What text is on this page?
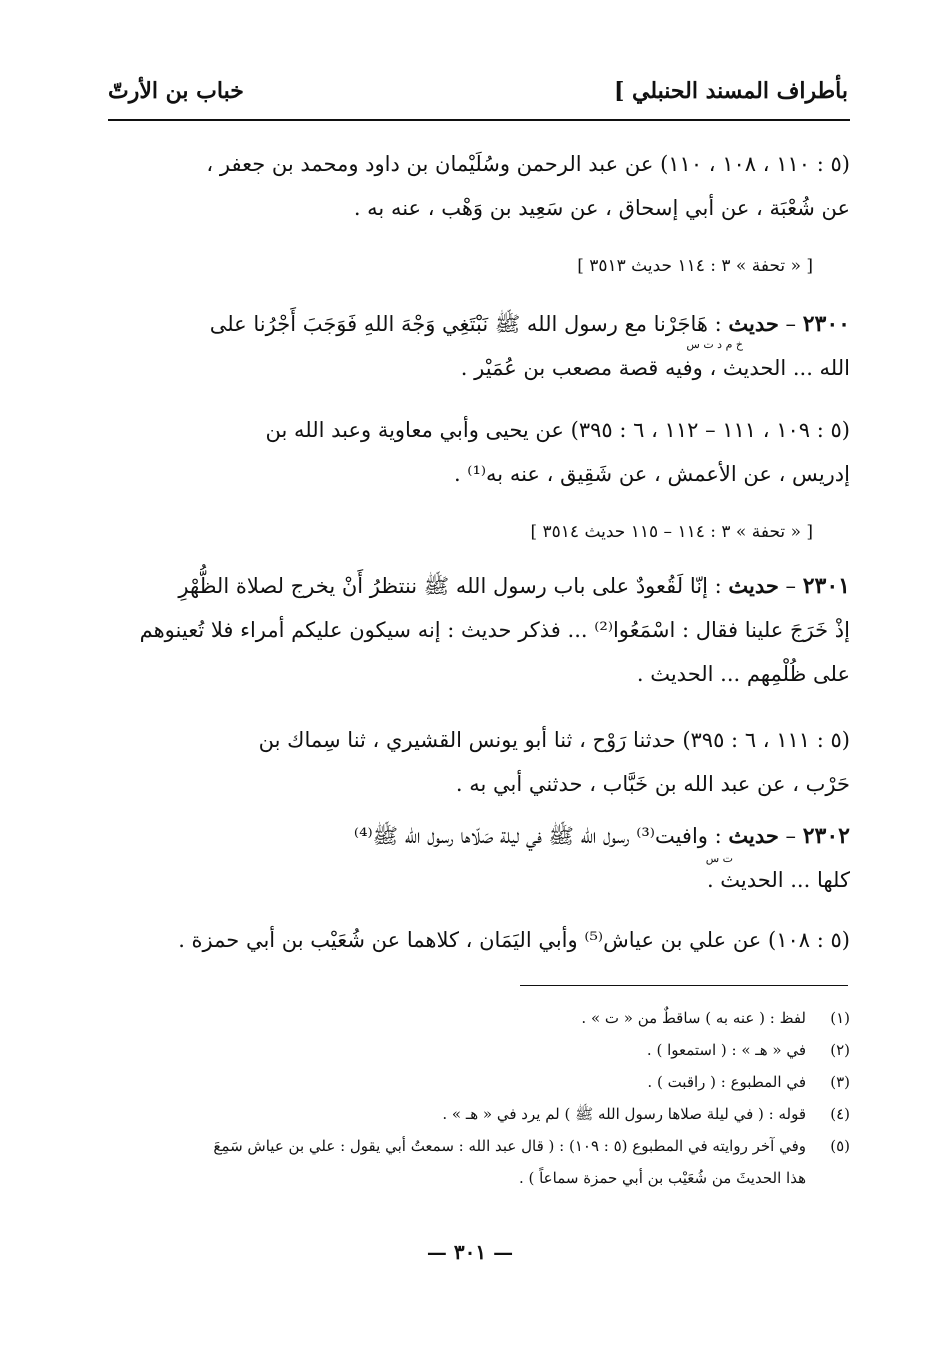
بأطراف المسند الحنبلي ]
خباب بن الأرتّ
(٥ : ١١٠ ، ١٠٨ ، ١١٠) عن عبد الرحمن وسُلَيْمان بن داود ومحمد بن جعفر ،
عن شُعْبَة ، عن أبي إسحاق ، عن سَعِيد بن وَهْب ، عنه به .
[ « تحفة » ٣ : ١١٤ حديث ٣٥١٣ ]
٢٣٠٠ – حديث : هَاجَرْنا مع رسول الله ﷺ نَبْتَغِي وَجْهَ اللهِ فَوَجَبَ أَجْرُنا على
الله ... الحديث ، وفيه قصة مصعب بن عُمَيْر .
خ م د ت س
(٥ : ١٠٩ ، ١١١ – ١١٢ ، ٦ : ٣٩٥) عن يحيى وأبي معاوية وعبد الله بن
إدريس ، عن الأعمش ، عن شَقِيق ، عنه به⁽¹⁾ .
[ « تحفة » ٣ : ١١٤ – ١١٥ حديث ٣٥١٤ ]
٢٣٠١ – حديث : إنّا لَقُعودٌ على باب رسول الله ﷺ ننتظرُ أَنْ يخرج لصلاة الظُّهْرِ
إذْ خَرَجَ علينا فقال : اسْمَعُوا⁽²⁾ ... فذكر حديث : إنه سيكون عليكم أمراء فلا تُعينوهم
على ظُلْمِهم ... الحديث .
(٥ : ١١١ ، ٦ : ٣٩٥) حدثنا رَوْح ، ثنا أبو يونس القشيري ، ثنا سِماك بن
حَرْب ، عن عبد الله بن خَبَّاب ، حدثني أبي به .
٢٣٠٢ – حديث : وافيت⁽³⁾ رسول الله ﷺ في ليلة صَلّاها رسول الله ﷺ⁽⁴⁾
كلها ... الحديث .
ت س
(٥ : ١٠٨) عن علي بن عياش⁽⁵⁾ وأبي اليَمَان ، كلاهما عن شُعَيْب بن أبي حمزة .
(١)لفظ : ( عنه به ) ساقطٌ من « ت » .
(٢)في « هـ » : ( استمعوا ) .
(٣)في المطبوع : ( راقبت ) .
(٤)قوله : ( في ليلة صلاها رسول الله ﷺ ) لم يرد في « هـ » .
(٥)وفي آخر روايته في المطبوع (٥ : ١٠٩) : ( قال عبد الله : سمعتُ أبي يقول : علي بن عياش سَمِعَ
هذا الحديثَ من شُعَيْب بن أبي حمزة سماعاً ) .
— ٣٠١ —
